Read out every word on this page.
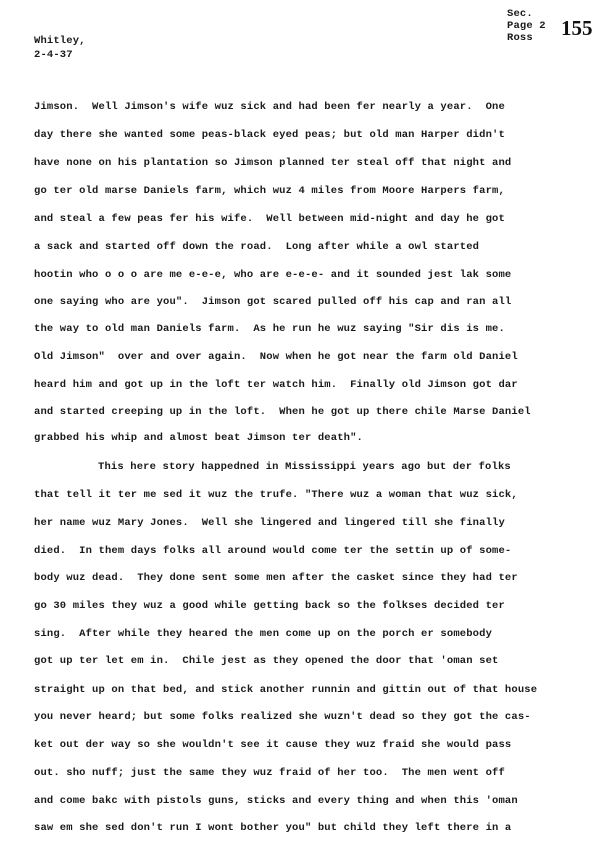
Whitley,
2-4-37
Sec.
Page 2
Ross	155
Jimson.  Well Jimson's wife wuz sick and had been fer nearly a year.  One
day there she wanted some peas-black eyed peas; but old man Harper didn't
have none on his plantation so Jimson planned ter steal off that night and
go ter old marse Daniels farm, which wuz 4 miles from Moore Harpers farm,
and steal a few peas fer his wife.  Well between mid-night and day he got
a sack and started off down the road.  Long after while a owl started
hootin who o o o are me e-e-e, who are e-e-e- and it sounded jest lak some
one saying who are you".  Jimson got scared pulled off his cap and ran all
the way to old man Daniels farm.  As he run he wuz saying "Sir dis is me.
Old Jimson"  over and over again.  Now when he got near the farm old Daniel
heard him and got up in the loft ter watch him.  Finally old Jimson got dar
and started creeping up in the loft.  When he got up there chile Marse Daniel
grabbed his whip and almost beat Jimson ter death".
This here story happedned in Mississippi years ago but der folks
that tell it ter me sed it wuz the trufe. "There wuz a woman that wuz sick,
her name wuz Mary Jones.  Well she lingered and lingered till she finally
died.  In them days folks all around would come ter the settin up of some-
body wuz dead.  They done sent some men after the casket since they had ter
go 30 miles they wuz a good while getting back so the folkses decided ter
sing.  After while they heared the men come up on the porch er somebody
got up ter let em in.  Chile jest as they opened the door that 'oman set
straight up on that bed, and stick another runnin and gittin out of that house
you never heard; but some folks realized she wuzn't dead so they got the cas-
ket out der way so she wouldn't see it cause they wuz fraid she would pass
out. sho nuff; just the same they wuz fraid of her too.  The men went off
and come bakc with pistols guns, sticks and every thing and when this 'oman
saw em she sed don't run I wont bother you" but child they left there in a
